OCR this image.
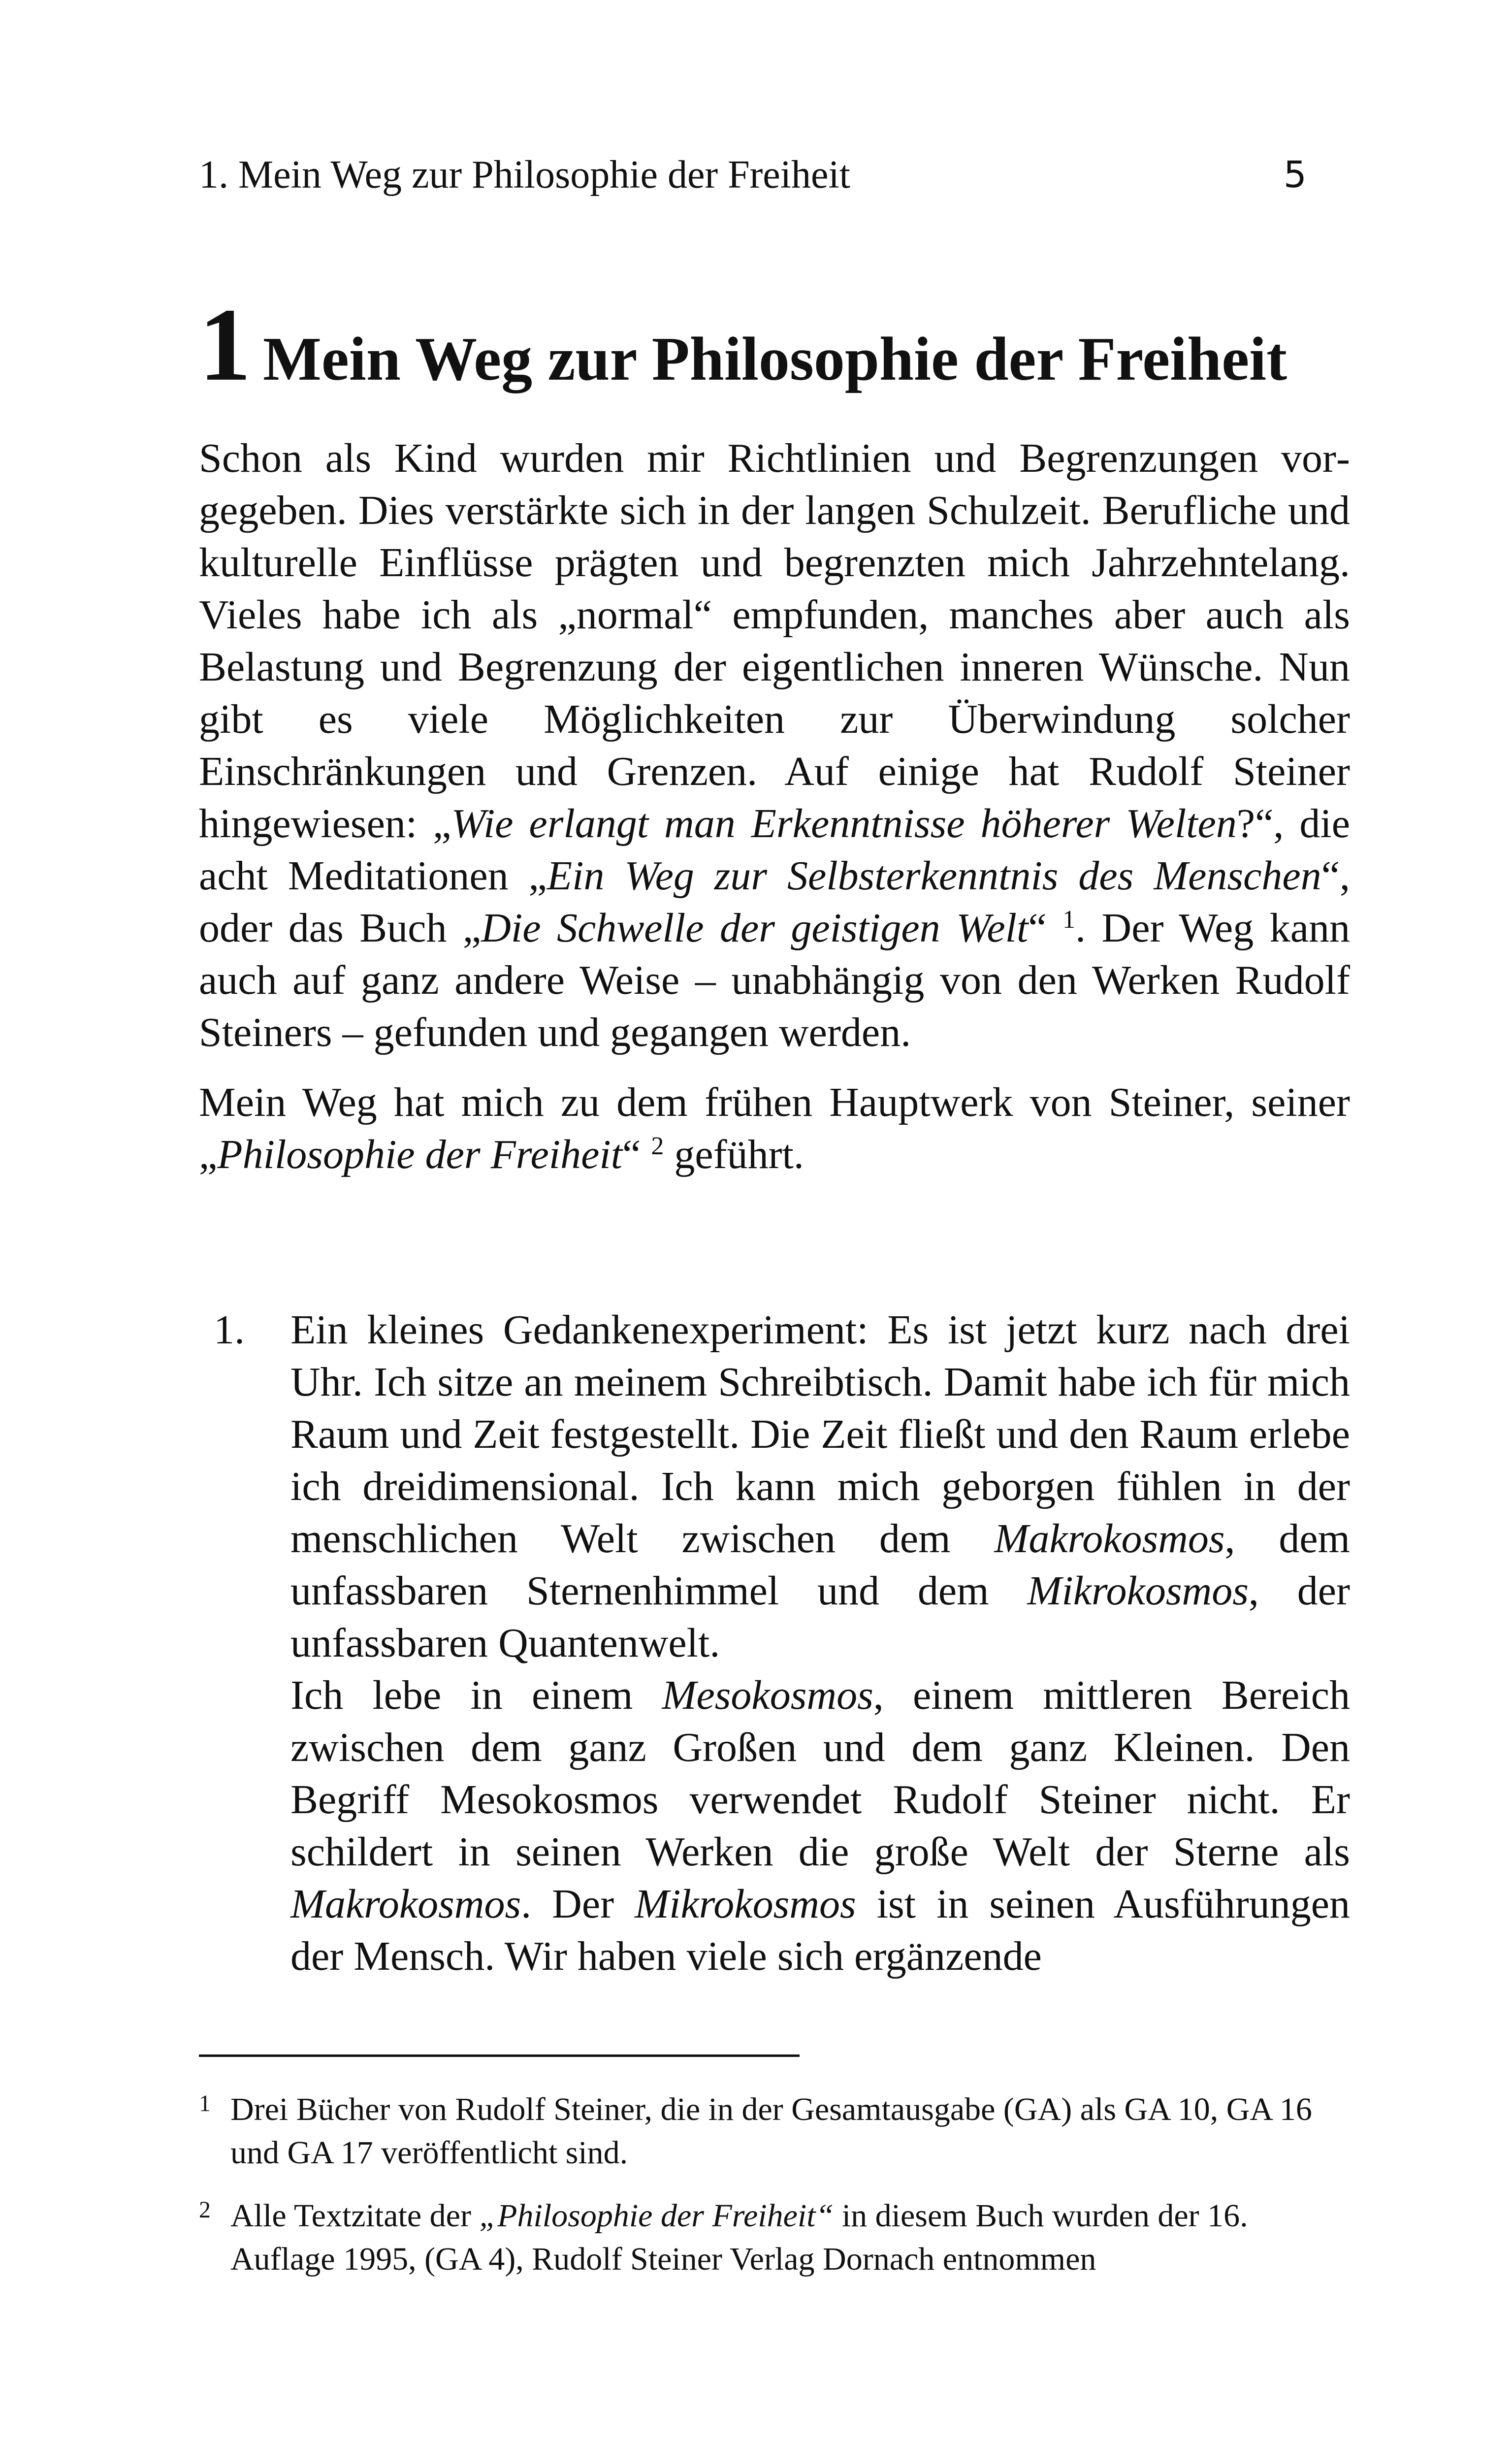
1. Mein Weg zur Philosophie der Freiheit	5
1 Mein Weg zur Philosophie der Freiheit

Schon als Kind wurden mir Richtlinien und Begrenzungen vorgegeben. Dies verstärkte sich in der langen Schulzeit. Berufliche und kulturelle Einflüsse prägten und begrenzten mich Jahrzehntelang. Vieles habe ich als „normal“ empfunden, manches aber auch als Belastung und Begrenzung der eigentlichen inneren Wünsche. Nun gibt es viele Möglichkeiten zur Überwindung solcher Einschränkungen und Grenzen. Auf einige hat Rudolf Steiner hingewiesen: „Wie erlangt man Erkenntnisse höherer Welten?“, die acht Meditationen „Ein Weg zur Selbsterkenntnis des Menschen“, oder das Buch „Die Schwelle der geistigen Welt“ $^1$. Der Weg kann auch auf ganz andere Weise – unabhängig von den Werken Rudolf Steiners – gefunden und gegangen werden.

Mein Weg hat mich zu dem frühen Hauptwerk von Steiner, seiner „Philosophie der Freiheit“ $^2$ geführt.

1. Ein kleines Gedankenexperiment: Es ist jetzt kurz nach drei Uhr. Ich sitze an meinem Schreibtisch. Damit habe ich für mich Raum und Zeit festgestellt. Die Zeit fließt und den Raum erlebe ich dreidimensional. Ich kann mich geborgen fühlen in der menschlichen Welt zwischen dem Makrokosmos, dem unfassbaren Sternenhimmel und dem Mikrokosmos, der unfassbaren Quantenwelt.

Ich lebe in einem Mesokosmos, einem mittleren Bereich zwischen dem ganz Großen und dem ganz Kleinen. Den Begriff Mesokosmos verwendet Rudolf Steiner nicht. Er schildert in seinen Werken die große Welt der Sterne als Makrokosmos. Der Mikrokosmos ist in seinen Ausführungen der Mensch. Wir haben viele sich ergänzende

1 Drei Bücher von Rudolf Steiner, die in der Gesamtausgabe (GA) als GA 10, GA 16 und GA 17 veröffentlicht sind.
2 Alle Textzitate der „Philosophie der Freiheit“ in diesem Buch wurden der 16. Auflage 1995, (GA 4), Rudolf Steiner Verlag Dornach entnommen
